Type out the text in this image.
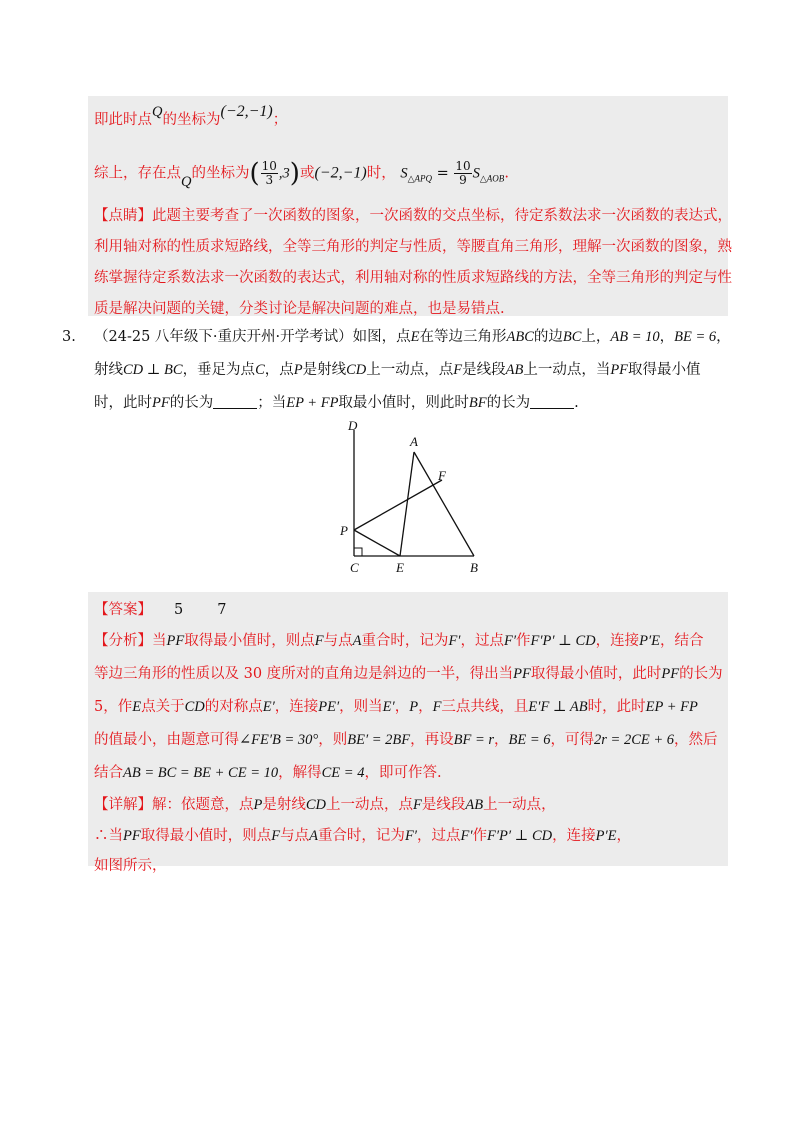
即此时点Q的坐标为(−2,−1)；
综上，存在点Q的坐标为( $\frac{10}{3} ,3$)或(−2,−1)时， $S_{\triangle APQ} = \frac{10}{9} S_{\triangle AOB}$.
【点睛】此题主要考查了一次函数的图象，一次函数的交点坐标，待定系数法求一次函数的表达式，
利用轴对称的性质求短路线，全等三角形的判定与性质，等腰直角三角形，理解一次函数的图象，熟
练掌握待定系数法求一次函数的表达式，利用轴对称的性质求短路线的方法，全等三角形的判定与性
质是解决问题的关键，分类讨论是解决问题的难点，也是易错点.
3. （24-25 八年级下·重庆开州·开学考试）如图，点E在等边三角形ABC的边BC上，AB = 10，BE = 6，
射线CD ⊥ BC，垂足为点C，点P是射线CD上一动点，点F是线段AB上一动点，当PF取得最小值
时，此时PF的长为	；当EP + FP取最小值时，则此时BF的长为	.
D
A
F
P
C	E	B
【答案】 5 7
【分析】当PF取得最小值时，则点F与点A重合时，记为F′，过点F′作F′P′ ⊥ CD，连接P′E，结合
等边三角形的性质以及 30 度所对的直角边是斜边的一半，得出当PF取得最小值时，此时PF的长为
5，作E点关于CD的对称点E′，连接PE′，则当E′，P，F三点共线，且E′F ⊥ AB时，此时EP + FP
的值最小，由题意可得∠FE′B = 30°，则BE′ = 2BF，再设BF = r，BE = 6，可得2r = 2CE + 6，然后
结合AB = BC = BE + CE = 10，解得CE = 4，即可作答.
【详解】解：依题意，点P是射线CD上一动点，点F是线段AB上一动点，
∴当PF取得最小值时，则点F与点A重合时，记为F′，过点F′作F′P′ ⊥ CD，连接P′E，
如图所示，
